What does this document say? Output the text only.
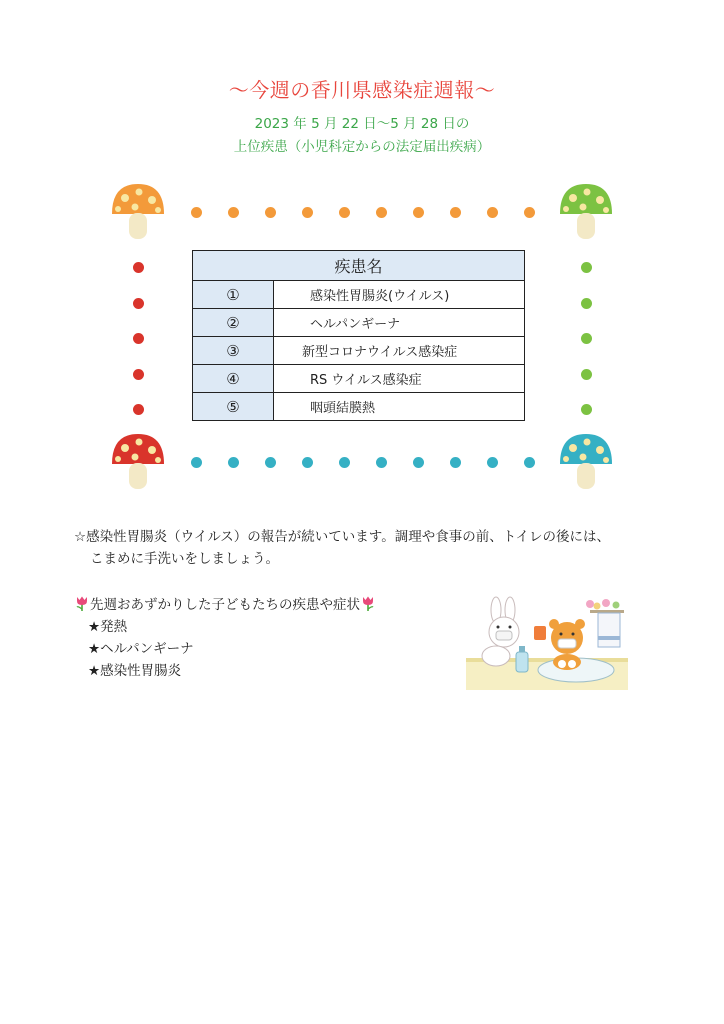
〜今週の香川県感染症週報〜
2023 年 5 月 22 日〜5 月 28 日の
上位疾患（小児科定からの法定届出疾病）
疾患名	
①	感染性胃腸炎(ウイルス)
②	ヘルパンギーナ
③	新型コロナウイルス感染症
④	RS ウイルス感染症
⑤	咽頭結膜熱
☆感染性胃腸炎（ウイルス）の報告が続いています。調理や食事の前、トイレの後には、
こまめに手洗いをしましょう。
先週おあずかりした子どもたちの疾患や症状
★発熱
★ヘルパンギーナ
★感染性胃腸炎
